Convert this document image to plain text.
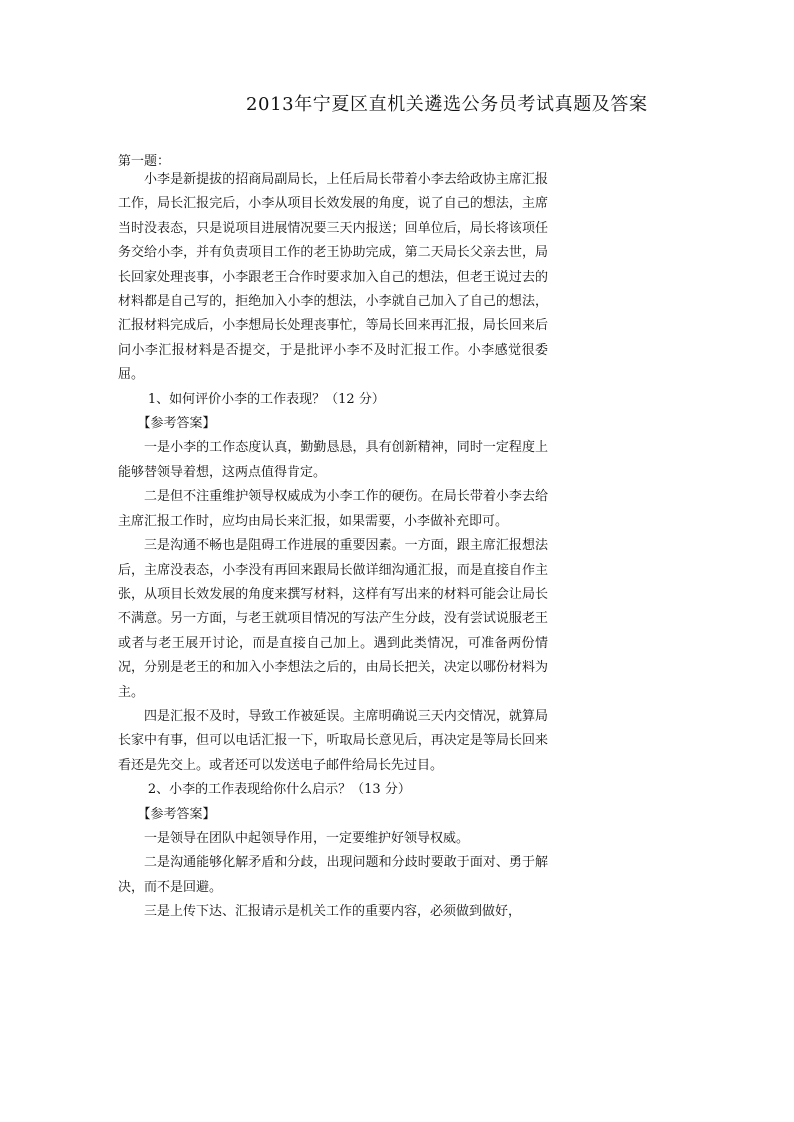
2013年宁夏区直机关遴选公务员考试真题及答案
第一题：

小李是新提拔的招商局副局长，上任后局长带着小李去给政协主席汇报工作，局长汇报完后，小李从项目长效发展的角度，说了自己的想法，主席当时没表态，只是说项目进展情况要三天内报送；回单位后，局长将该项任务交给小李，并有负责项目工作的老王协助完成，第二天局长父亲去世，局长回家处理丧事，小李跟老王合作时要求加入自己的想法，但老王说过去的材料都是自己写的，拒绝加入小李的想法，小李就自己加入了自己的想法，汇报材料完成后，小李想局长处理丧事忙，等局长回来再汇报，局长回来后问小李汇报材料是否提交，于是批评小李不及时汇报工作。小李感觉很委屈。

1、如何评价小李的工作表现？（12 分）

【参考答案】

一是小李的工作态度认真，勤勤恳恳，具有创新精神，同时一定程度上能够替领导着想，这两点值得肯定。

二是但不注重维护领导权威成为小李工作的硬伤。在局长带着小李去给主席汇报工作时，应均由局长来汇报，如果需要，小李做补充即可。

三是沟通不畅也是阻碍工作进展的重要因素。一方面，跟主席汇报想法后，主席没表态，小李没有再回来跟局长做详细沟通汇报，而是直接自作主张，从项目长效发展的角度来撰写材料，这样有写出来的材料可能会让局长不满意。另一方面，与老王就项目情况的写法产生分歧，没有尝试说服老王或者与老王展开讨论，而是直接自己加上。遇到此类情况，可准备两份情况，分别是老王的和加入小李想法之后的，由局长把关，决定以哪份材料为主。

四是汇报不及时，导致工作被延误。主席明确说三天内交情况，就算局长家中有事，但可以电话汇报一下，听取局长意见后，再决定是等局长回来看还是先交上。或者还可以发送电子邮件给局长先过目。

2、小李的工作表现给你什么启示？（13 分）

【参考答案】

一是领导在团队中起领导作用，一定要维护好领导权威。

二是沟通能够化解矛盾和分歧，出现问题和分歧时要敢于面对、勇于解决，而不是回避。

三是上传下达、汇报请示是机关工作的重要内容，必须做到做好，
